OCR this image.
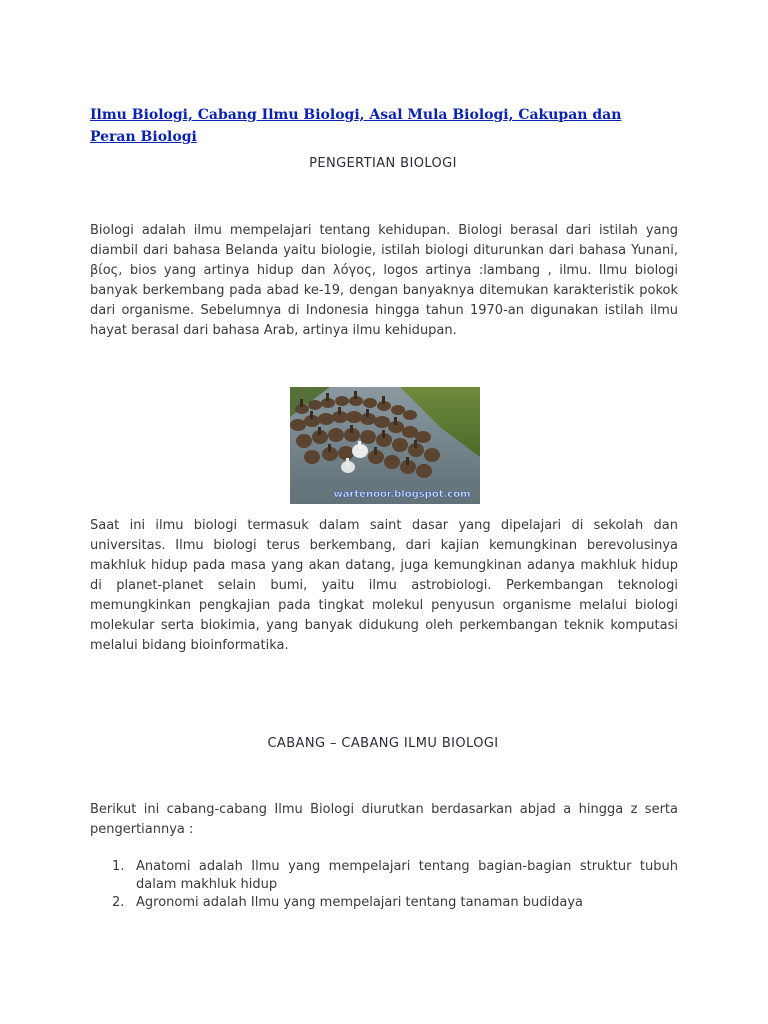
Ilmu Biologi, Cabang Ilmu Biologi, Asal Mula Biologi, Cakupan dan Peran Biologi
PENGERTIAN BIOLOGI
Biologi adalah ilmu mempelajari tentang kehidupan. Biologi berasal dari istilah yang diambil dari bahasa Belanda yaitu biologie, istilah biologi diturunkan dari bahasa Yunani, βίος, bios yang artinya hidup dan λόγος, logos artinya :lambang , ilmu. Ilmu biologi banyak berkembang pada abad ke-19, dengan banyaknya ditemukan karakteristik pokok dari organisme. Sebelumnya di Indonesia hingga tahun 1970-an digunakan istilah ilmu hayat berasal dari bahasa Arab, artinya ilmu kehidupan.
wartenoor.blogspot.com
Saat ini ilmu biologi termasuk dalam saint dasar yang dipelajari di sekolah dan universitas. Ilmu biologi terus berkembang, dari kajian kemungkinan berevolusinya makhluk hidup pada masa yang akan datang, juga kemungkinan adanya makhluk hidup di planet-planet selain bumi, yaitu ilmu astrobiologi. Perkembangan teknologi memungkinkan pengkajian pada tingkat molekul penyusun organisme melalui biologi molekular serta biokimia, yang banyak didukung oleh perkembangan teknik komputasi melalui bidang bioinformatika.
CABANG – CABANG ILMU BIOLOGI
Berikut ini cabang-cabang Ilmu Biologi diurutkan berdasarkan abjad a hingga z serta pengertiannya :
1. Anatomi adalah Ilmu yang mempelajari tentang bagian-bagian struktur tubuh dalam makhluk hidup
2. Agronomi adalah Ilmu yang mempelajari tentang tanaman budidaya
